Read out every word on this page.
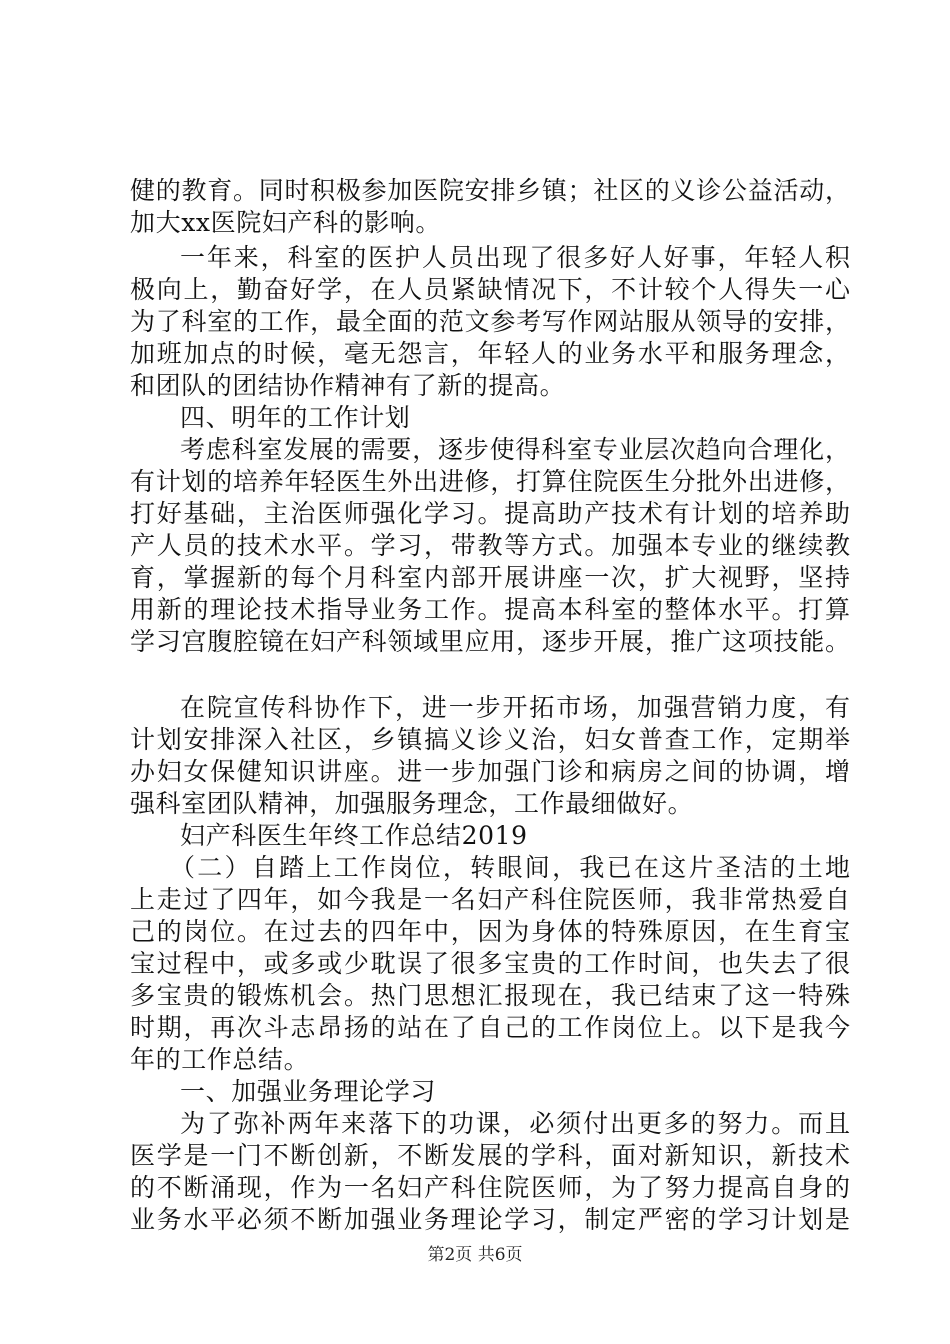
健的教育。同时积极参加医院安排乡镇；社区的义诊公益活动，
加大xx医院妇产科的影响。
一年来，科室的医护人员出现了很多好人好事，年轻人积
极向上，勤奋好学，在人员紧缺情况下，不计较个人得失一心
为了科室的工作，最全面的范文参考写作网站服从领导的安排，
加班加点的时候，毫无怨言，年轻人的业务水平和服务理念，
和团队的团结协作精神有了新的提高。
四、明年的工作计划
考虑科室发展的需要，逐步使得科室专业层次趋向合理化，
有计划的培养年轻医生外出进修，打算住院医生分批外出进修，
打好基础，主治医师强化学习。提高助产技术有计划的培养助
产人员的技术水平。学习，带教等方式。加强本专业的继续教
育，掌握新的每个月科室内部开展讲座一次，扩大视野，坚持
用新的理论技术指导业务工作。提高本科室的整体水平。打算
学习宫腹腔镜在妇产科领域里应用，逐步开展，推广这项技能。
在院宣传科协作下，进一步开拓市场，加强营销力度，有
计划安排深入社区，乡镇搞义诊义治，妇女普查工作，定期举
办妇女保健知识讲座。进一步加强门诊和病房之间的协调，增
强科室团队精神，加强服务理念，工作最细做好。
妇产科医生年终工作总结2019
（二）自踏上工作岗位，转眼间，我已在这片圣洁的土地
上走过了四年，如今我是一名妇产科住院医师，我非常热爱自
己的岗位。在过去的四年中，因为身体的特殊原因，在生育宝
宝过程中，或多或少耽误了很多宝贵的工作时间，也失去了很
多宝贵的锻炼机会。热门思想汇报现在，我已结束了这一特殊
时期，再次斗志昂扬的站在了自己的工作岗位上。以下是我今
年的工作总结。
一、加强业务理论学习
为了弥补两年来落下的功课，必须付出更多的努力。而且
医学是一门不断创新，不断发展的学科，面对新知识，新技术
的不断涌现，作为一名妇产科住院医师，为了努力提高自身的
业务水平必须不断加强业务理论学习，制定严密的学习计划是
第2页 共6页
